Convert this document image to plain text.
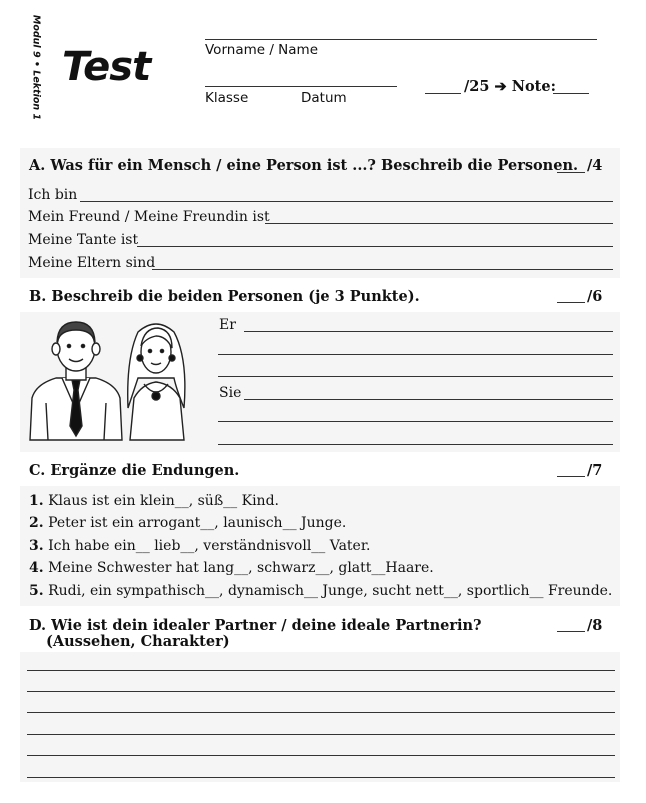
Modul 9 • Lektion 1 Test	Vorname / Name
Klasse	Datum
/25 ➔ Note:
A. Was für ein Mensch / eine Person ist ...? Beschreib die Personen. /4
Ich bin
Mein Freund / Meine Freundin ist
Meine Tante ist
Meine Eltern sind
B. Beschreib die beiden Personen (je 3 Punkte).	/6
Er
Sie
C. Ergänze die Endungen.	/7
1. Klaus ist ein klein__, süß__ Kind.
2. Peter ist ein arrogant__, launisch__ Junge.
3. Ich habe ein__ lieb__, verständnisvoll__ Vater.
4. Meine Schwester hat lang__, schwarz__, glatt__Haare.
5. Rudi, ein sympathisch__, dynamisch__ Junge, sucht nett__, sportlich__ Freunde.
D. Wie ist dein idealer Partner / deine ideale Partnerin?
(Aussehen, Charakter)
/8
